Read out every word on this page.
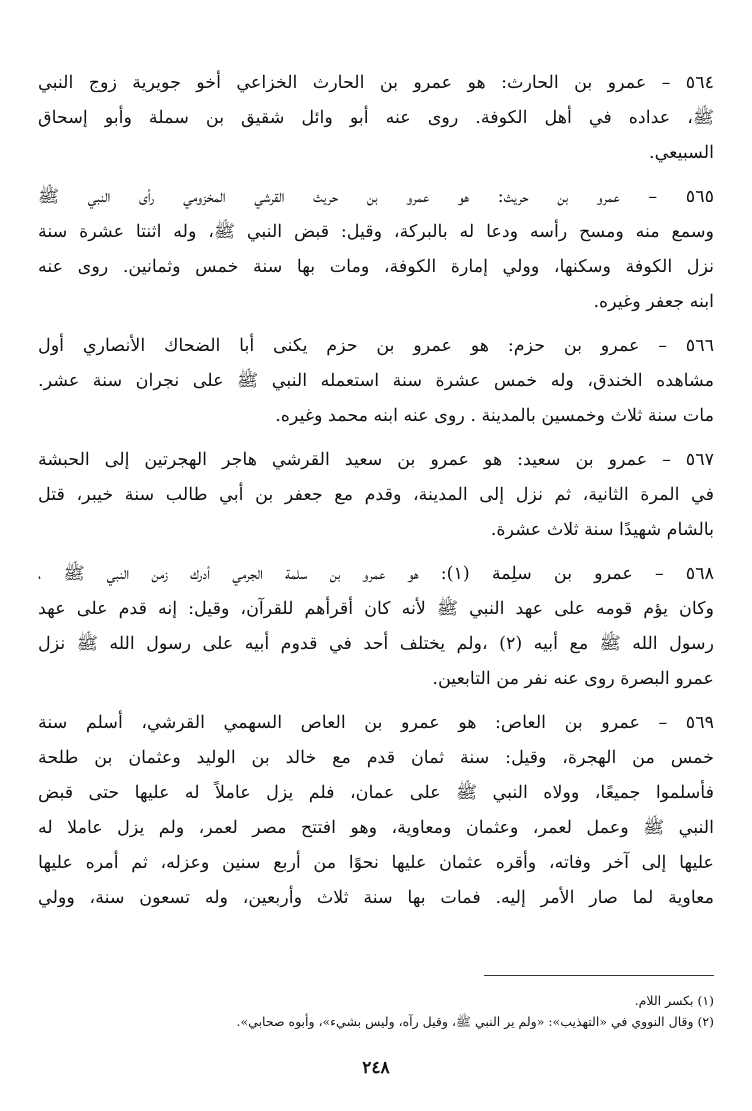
٥٦٤ – عمرو بن الحارث: هو عمرو بن الحارث الخزاعي أخو جويرية زوج النبي
ﷺ، عداده في أهل الكوفة. روى عنه أبو وائل شقيق بن سملة وأبو إسحاق
السبيعي.
٥٦٥ – عمرو بن حريث: هو عمرو بن حريث القرشي المخزومي رأى النبي ﷺ
وسمع منه ومسح رأسه ودعا له بالبركة، وقيل: قبض النبي ﷺ، وله اثنتا عشرة سنة
نزل الكوفة وسكنها، وولي إمارة الكوفة، ومات بها سنة خمس وثمانين. روى عنه
ابنه جعفر وغيره.
٥٦٦ – عمرو بن حزم: هو عمرو بن حزم يكنى أبا الضحاك الأنصاري أول
مشاهده الخندق، وله خمس عشرة سنة استعمله النبي ﷺ على نجران سنة عشر.
مات سنة ثلاث وخمسين بالمدينة . روى عنه ابنه محمد وغيره.
٥٦٧ – عمرو بن سعيد: هو عمرو بن سعيد القرشي هاجر الهجرتين إلى الحبشة
في المرة الثانية، ثم نزل إلى المدينة، وقدم مع جعفر بن أبي طالب سنة خيبر، قتل
بالشام شهيدًا سنة ثلاث عشرة.
٥٦٨ – عمرو بن سلِمة (١): هو عمرو بن سلمة الجرمي أدرك زمن النبي ﷺ ،
وكان يؤم قومه على عهد النبي ﷺ لأنه كان أقرأهم للقرآن، وقيل: إنه قدم على عهد
رسول الله ﷺ مع أبيه (٢) ،ولم يختلف أحد في قدوم أبيه على رسول الله ﷺ نزل
عمرو البصرة روى عنه نفر من التابعين.
٥٦٩ – عمرو بن العاص: هو عمرو بن العاص السهمي القرشي، أسلم سنة
خمس من الهجرة، وقيل: سنة ثمان قدم مع خالد بن الوليد وعثمان بن طلحة
فأسلموا جميعًا، وولاه النبي ﷺ على عمان، فلم يزل عاملاً له عليها حتى قبض
النبي ﷺ وعمل لعمر، وعثمان ومعاوية، وهو افتتح مصر لعمر، ولم يزل عاملا له
عليها إلى آخر وفاته، وأقره عثمان عليها نحوًا من أربع سنين وعزله، ثم أمره عليها
معاوية لما صار الأمر إليه. فمات بها سنة ثلاث وأربعين، وله تسعون سنة، وولي
(١) بكسر اللام.
(٢) وقال النووي في «التهذيب»: «ولم ير النبي ﷺ، وقيل رآه، وليس بشيء»، وأبوه صحابي».
٢٤٨
